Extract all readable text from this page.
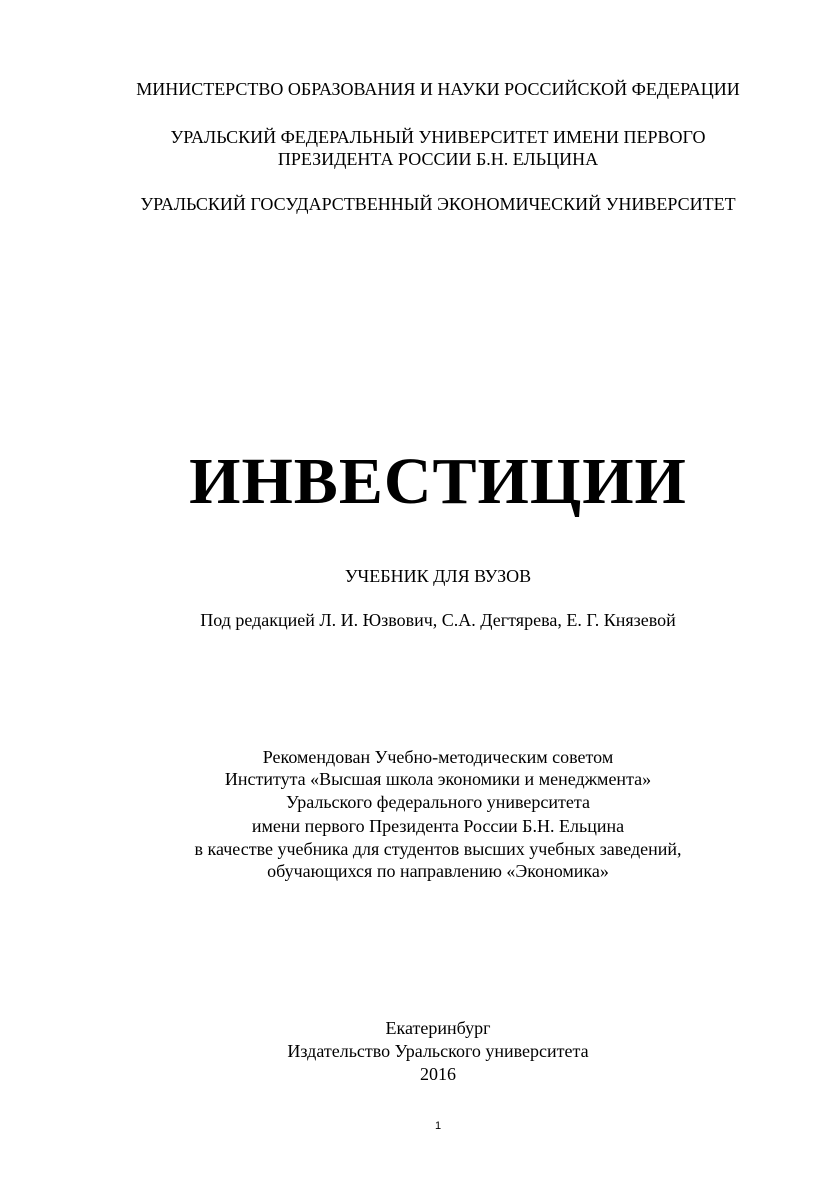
МИНИСТЕРСТВО ОБРАЗОВАНИЯ И НАУКИ РОССИЙСКОЙ ФЕДЕРАЦИИ
УРАЛЬСКИЙ ФЕДЕРАЛЬНЫЙ УНИВЕРСИТЕТ ИМЕНИ ПЕРВОГО
ПРЕЗИДЕНТА РОССИИ Б.Н. ЕЛЬЦИНА
УРАЛЬСКИЙ ГОСУДАРСТВЕННЫЙ ЭКОНОМИЧЕСКИЙ УНИВЕРСИТЕТ
ИНВЕСТИЦИИ
УЧЕБНИК ДЛЯ ВУЗОВ
Под редакцией Л. И. Юзвович, С.А. Дегтярева, Е. Г. Князевой
Рекомендован Учебно-методическим советом
Института «Высшая школа экономики и менеджмента»
Уральского федерального университета
имени первого Президента России Б.Н. Ельцина
в качестве учебника для студентов высших учебных заведений,
обучающихся по направлению «Экономика»
Екатеринбург
Издательство Уральского университета
2016
1
